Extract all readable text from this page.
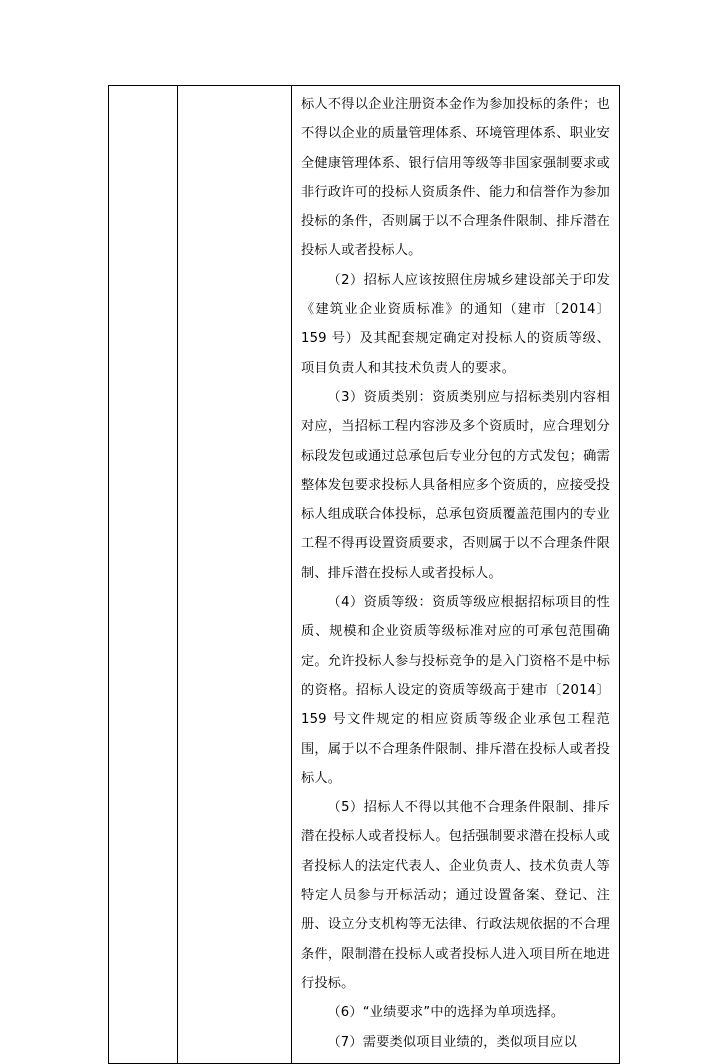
标人不得以企业注册资本金作为参加投标的条件；也不得以企业的质量管理体系、环境管理体系、职业安全健康管理体系、银行信用等级等非国家强制要求或非行政许可的投标人资质条件、能力和信誉作为参加投标的条件，否则属于以不合理条件限制、排斥潜在投标人或者投标人。

（2）招标人应该按照住房城乡建设部关于印发《建筑业企业资质标准》的通知（建市〔2014〕159 号）及其配套规定确定对投标人的资质等级、项目负责人和其技术负责人的要求。

（3）资质类别：资质类别应与招标类别内容相对应，当招标工程内容涉及多个资质时，应合理划分标段发包或通过总承包后专业分包的方式发包；确需整体发包要求投标人具备相应多个资质的，应接受投标人组成联合体投标，总承包资质覆盖范围内的专业工程不得再设置资质要求，否则属于以不合理条件限制、排斥潜在投标人或者投标人。

（4）资质等级：资质等级应根据招标项目的性质、规模和企业资质等级标准对应的可承包范围确定。允许投标人参与投标竞争的是入门资格不是中标的资格。招标人设定的资质等级高于建市〔2014〕159 号文件规定的相应资质等级企业承包工程范围，属于以不合理条件限制、排斥潜在投标人或者投标人。

（5）招标人不得以其他不合理条件限制、排斥潜在投标人或者投标人。包括强制要求潜在投标人或者投标人的法定代表人、企业负责人、技术负责人等特定人员参与开标活动；通过设置备案、登记、注册、设立分支机构等无法律、行政法规依据的不合理条件，限制潜在投标人或者投标人进入项目所在地进行投标。

（6）“业绩要求”中的选择为单项选择。

（7）需要类似项目业绩的，类似项目应以
